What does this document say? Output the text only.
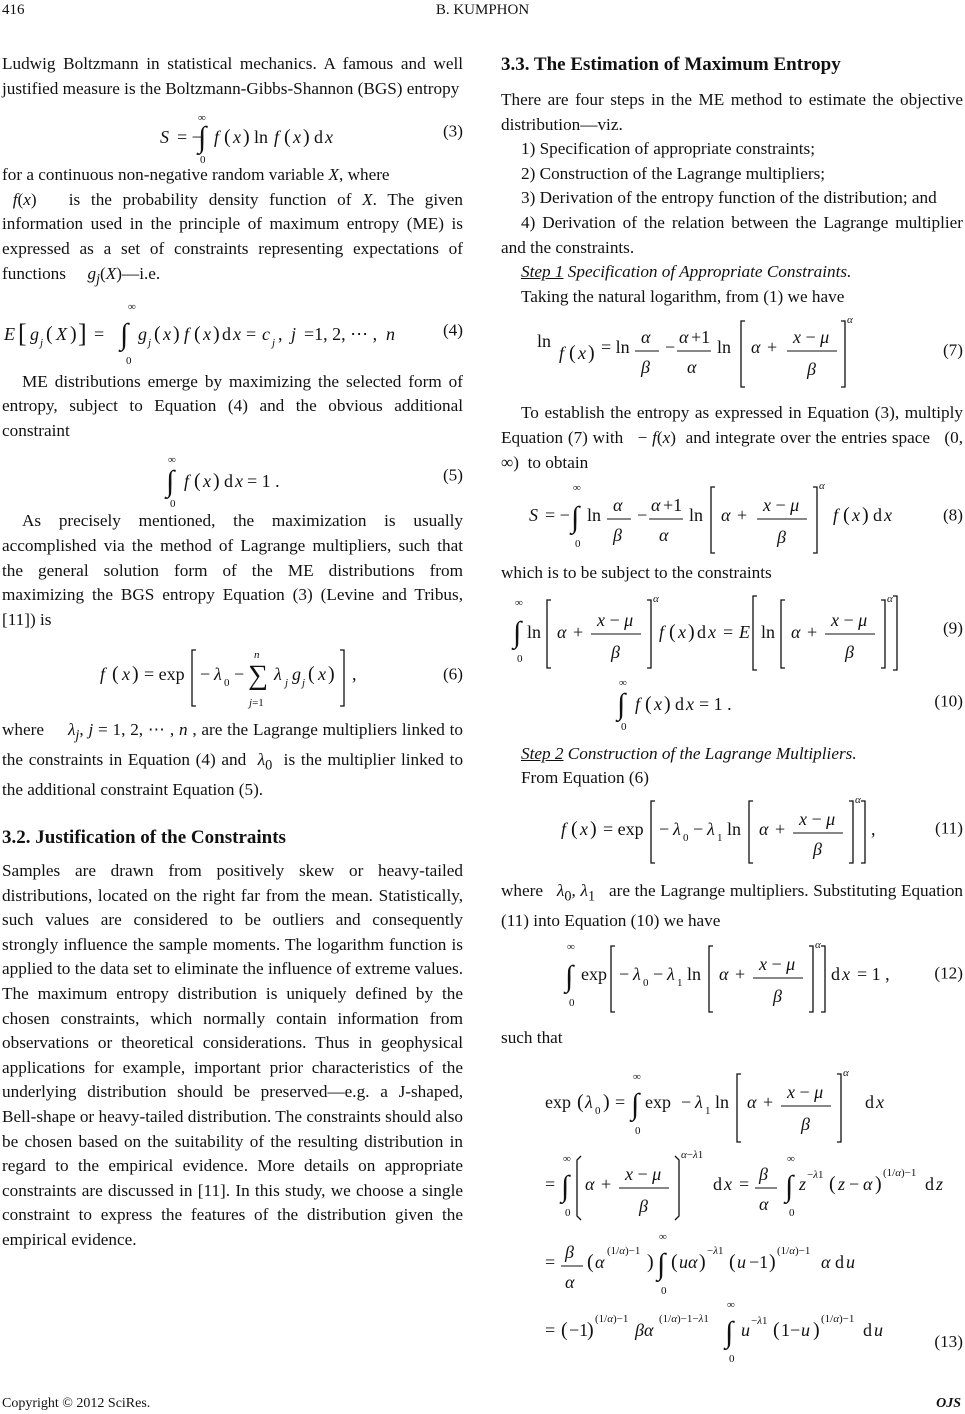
416	B. KUMPHON

Ludwig Boltzmann in statistical mechanics. A famous and well justified measure is the Boltzmann-Gibbs-Shannon (BGS) entropy

∞
S = −
∫
0
f ( x ) ln f ( x ) d x	(3)

for a continuous non-negative random variable X, where
f(x)   is the probability density function of X. The given information used in the principle of maximum entropy (ME) is expressed as a set of constraints representing expectations of functions $g_j(X)—i.e$.

∞
E [ g j ( X ) ] = ∫
0
g j ( x ) f ( x ) d x = c j , j =1, 2, ⋯ , n	(4)

ME distributions emerge by maximizing the selected form of entropy, subject to Equation (4) and the obvious additional constraint

∞
∫
0
f ( x ) d x = 1 .	(5)

As precisely mentioned, the maximization is usually accomplished via the method of Lagrange multipliers, such that the general solution form of the ME distributions from maximizing the BGS entropy Equation (3) (Levine and Tribus, [11]) is

f ( x ) = exp − λ 0 − ∑
n
j=1
λ j g j ( x ) ,	(6)

where $\lambda_j$, j = 1, 2, ⋯ , n , are the Lagrange multipliers linked to the constraints in Equation (4) and $\lambda_0$ is the multiplier linked to the additional constraint Equation (5).

3.2. Justification of the Constraints

Samples are drawn from positively skew or heavy-tailed distributions, located on the right far from the mean. Statistically, such values are considered to be outliers and consequently strongly influence the sample moments. The logarithm function is applied to the data set to eliminate the influence of extreme values. The maximum entropy distribution is uniquely defined by the chosen constraints, which normally contain information from observations or theoretical considerations. Thus in geophysical applications for example, important prior characteristics of the underlying distribution should be preserved—e.g. a J-shaped, Bell-shape or heavy-tailed distribution. The constraints should also be chosen based on the suitability of the resulting distribution in regard to the empirical evidence. More details on appropriate constraints are discussed in [11]. In this study, we choose a single constraint to express the features of the distribution given the empirical evidence.

3.3. The Estimation of Maximum Entropy

There are four steps in the ME method to estimate the objective distribution—viz.

1) Specification of appropriate constraints;

2) Construction of the Lagrange multipliers;

3) Derivation of the entropy function of the distribution; and

4) Derivation of the relation between the Lagrange multiplier and the constraints.

Step 1 Specification of Appropriate Constraints.

Taking the natural logarithm, from (1) we have

ln
f ( x ) = ln α
β
− α +1
α
ln α + x − μ
β
α
(7)

To establish the entropy as expressed in Equation (3), multiply Equation (7) with − f(x) and integrate over the entries space (0, ∞) to obtain

∞
S = − ∫
0
ln α
β
− α +1
α
ln α + x − μ
β
α
f ( x ) d x	(8)

which is to be subject to the constraints

∞
∫
0
ln α +
x − μ
β
α
f ( x ) d x = E ln α +
x − μ
β
α
(9)
∞
∫
0
f ( x ) d x = 1 .	(10)

Step 2 Construction of the Lagrange Multipliers.

From Equation (6)

f ( x ) = exp − λ 0 − λ 1 ln α + x − μ
β
α
,	(11)

where $\lambda_0$, $\lambda_1$ are the Lagrange multipliers. Substituting Equation (11) into Equation (10) we have

∞
∫
0
exp − λ 0 − λ 1 ln α + x − μ
β
α
d x = 1 ,	(12)

such that

exp ( λ 0 ) =
∞
∫
0
exp − λ 1 ln α + x − μ
β
α
d x
=
∞
∫
0
α + x − μ
β
α−λ1
d x = β
α
∞
∫
0
z −λ1 ( z − α ) (1/α)−1
d z
= β
α
( α
(1/α)−1 )
∞
∫
0
( uα ) −λ1 ( u −1 ) (1/α)−1
α d u
= ( −1
) (1/α)−1
βα
(1/α)−1−λ1
∞
∫
0
u −λ1 ( 1− u ) (1/α)−1
d u
(13)
Copyright © 2012 SciRes.	OJS
